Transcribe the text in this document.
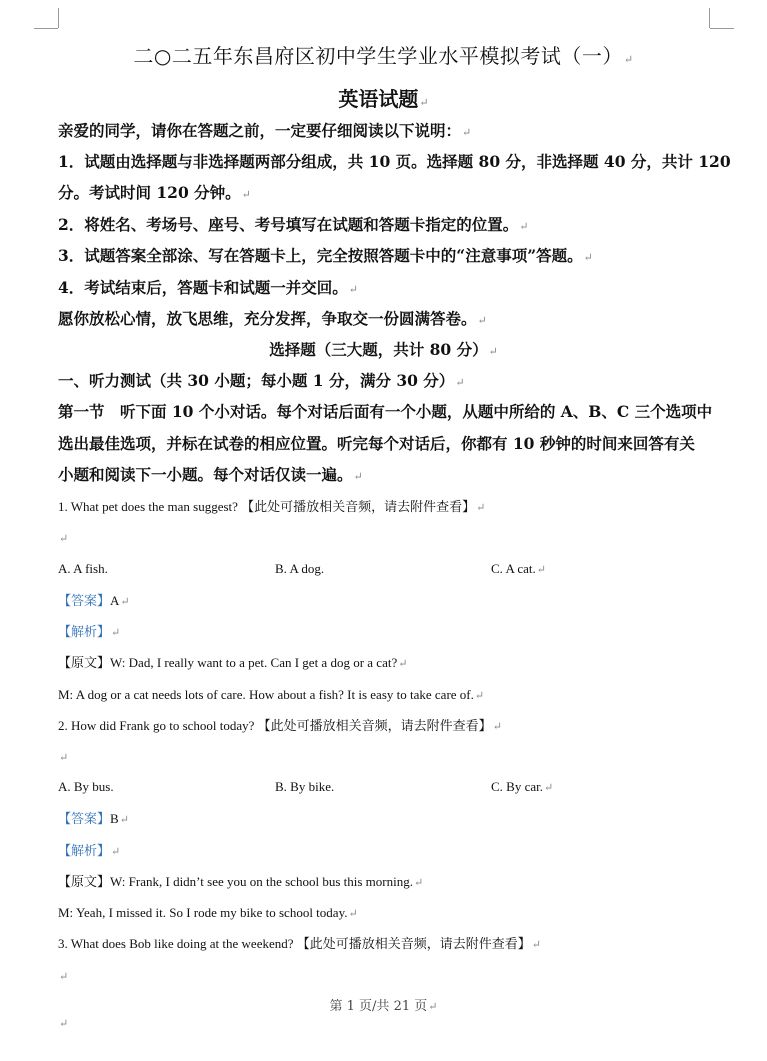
二○二五年东昌府区初中学生学业水平模拟考试（一）↵
英语试题↵
亲爱的同学，请你在答题之前，一定要仔细阅读以下说明：↵
1．试题由选择题与非选择题两部分组成，共 10 页。选择题 80 分，非选择题 40 分，共计 120
分。考试时间 120 分钟。↵
2．将姓名、考场号、座号、考号填写在试题和答题卡指定的位置。↵
3．试题答案全部涂、写在答题卡上，完全按照答题卡中的“注意事项”答题。↵
4．考试结束后，答题卡和试题一并交回。↵
愿你放松心情，放飞思维，充分发挥，争取交一份圆满答卷。↵
选择题（三大题，共计 80 分）↵
一、听力测试（共 30 小题；每小题 1 分，满分 30 分）↵
第一节　听下面 10 个小对话。每个对话后面有一个小题，从题中所给的 A、B、C 三个选项中
选出最佳选项，并标在试卷的相应位置。听完每个对话后，你都有 10 秒钟的时间来回答有关
小题和阅读下一小题。每个对话仅读一遍。↵
1. What pet does the man suggest? 【此处可播放相关音频，请去附件查看】↵
↵
A. A fish.	B. A dog.	C. A cat.↵
【答案】A↵
【解析】↵
【原文】W: Dad, I really want to a pet. Can I get a dog or a cat?↵
M: A dog or a cat needs lots of care. How about a fish? It is easy to take care of.↵
2. How did Frank go to school today? 【此处可播放相关音频，请去附件查看】↵
↵
A. By bus.	B. By bike.	C. By car.↵
【答案】B↵
【解析】↵
【原文】W: Frank, I didn’t see you on the school bus this morning.↵
M: Yeah, I missed it. So I rode my bike to school today.↵
3. What does Bob like doing at the weekend? 【此处可播放相关音频，请去附件查看】↵
↵
第 1 页/共 21 页↵
↵
